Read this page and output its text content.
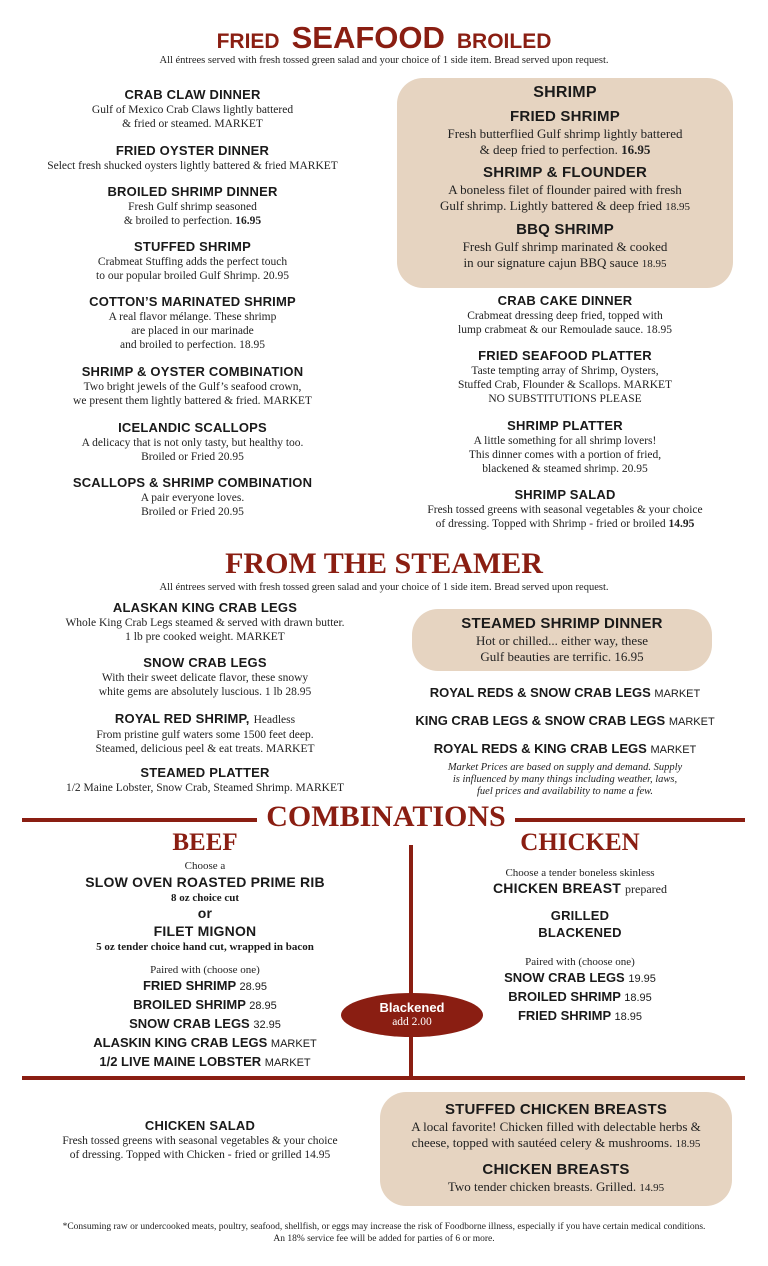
FRIED SEAFOOD BROILED
All éntrees served with fresh tossed green salad and your choice of 1 side item. Bread served upon request.
CRAB CLAW DINNER
Gulf of Mexico Crab Claws lightly battered
& fried or steamed. MARKET
FRIED OYSTER DINNER
Select fresh shucked oysters lightly battered & fried MARKET
BROILED SHRIMP DINNER
Fresh Gulf shrimp seasoned
& broiled to perfection. 16.95
STUFFED SHRIMP
Crabmeat Stuffing adds the perfect touch
to our popular broiled Gulf Shrimp. 20.95
COTTON’S MARINATED SHRIMP
A real flavor mélange. These shrimp
are placed in our marinade
and broiled to perfection. 18.95
SHRIMP & OYSTER COMBINATION
Two bright jewels of the Gulf’s seafood crown,
we present them lightly battered & fried. MARKET
ICELANDIC SCALLOPS
A delicacy that is not only tasty, but healthy too.
Broiled or Fried 20.95
SCALLOPS & SHRIMP COMBINATION
A pair everyone loves.
Broiled or Fried 20.95
SHRIMP
FRIED SHRIMP
Fresh butterflied Gulf shrimp lightly battered
& deep fried to perfection. 16.95
SHRIMP & FLOUNDER
A boneless filet of flounder paired with fresh
Gulf shrimp. Lightly battered & deep fried 18.95
BBQ SHRIMP
Fresh Gulf shrimp marinated & cooked
in our signature cajun BBQ sauce 18.95
CRAB CAKE DINNER
Crabmeat dressing deep fried, topped with
lump crabmeat & our Remoulade sauce. 18.95
FRIED SEAFOOD PLATTER
Taste tempting array of Shrimp, Oysters,
Stuffed Crab, Flounder & Scallops. MARKET
NO SUBSTITUTIONS PLEASE
SHRIMP PLATTER
A little something for all shrimp lovers!
This dinner comes with a portion of fried,
blackened & steamed shrimp. 20.95
SHRIMP SALAD
Fresh tossed greens with seasonal vegetables & your choice
of dressing. Topped with Shrimp - fried or broiled 14.95
FROM THE STEAMER
All éntrees served with fresh tossed green salad and your choice of 1 side item. Bread served upon request.
ALASKAN KING CRAB LEGS
Whole King Crab Legs steamed & served with drawn butter.
1 lb pre cooked weight. MARKET
SNOW CRAB LEGS
With their sweet delicate flavor, these snowy
white gems are absolutely luscious. 1 lb 28.95
ROYAL RED SHRIMP, Headless
From pristine gulf waters some 1500 feet deep.
Steamed, delicious peel & eat treats. MARKET
STEAMED PLATTER
1/2 Maine Lobster, Snow Crab, Steamed Shrimp. MARKET
STEAMED SHRIMP DINNER
Hot or chilled... either way, these
Gulf beauties are terrific. 16.95
ROYAL REDS & SNOW CRAB LEGS MARKET
KING CRAB LEGS & SNOW CRAB LEGS MARKET
ROYAL REDS & KING CRAB LEGS MARKET
Market Prices are based on supply and demand. Supply
is influenced by many things including weather, laws,
fuel prices and availability to name a few.
COMBINATIONS
BEEF
Choose a
SLOW OVEN ROASTED PRIME RIB
8 oz choice cut
or
FILET MIGNON
5 oz tender choice hand cut, wrapped in bacon
Paired with (choose one)
FRIED SHRIMP 28.95
BROILED SHRIMP 28.95
SNOW CRAB LEGS 32.95
ALASKIN KING CRAB LEGS MARKET
1/2 LIVE MAINE LOBSTER MARKET
CHICKEN
Choose a tender boneless skinless
CHICKEN BREAST prepared
GRILLED
BLACKENED
Paired with (choose one)
SNOW CRAB LEGS 19.95
BROILED SHRIMP 18.95
FRIED SHRIMP 18.95
Blackened
add 2.00
CHICKEN SALAD
Fresh tossed greens with seasonal vegetables & your choice
of dressing. Topped with Chicken - fried or grilled 14.95
STUFFED CHICKEN BREASTS
A local favorite! Chicken filled with delectable herbs &
cheese, topped with sautéed celery & mushrooms. 18.95
CHICKEN BREASTS
Two tender chicken breasts. Grilled. 14.95
*Consuming raw or undercooked meats, poultry, seafood, shellfish, or eggs may increase the risk of Foodborne illness, especially if you have certain medical conditions.
An 18% service fee will be added for parties of 6 or more.
